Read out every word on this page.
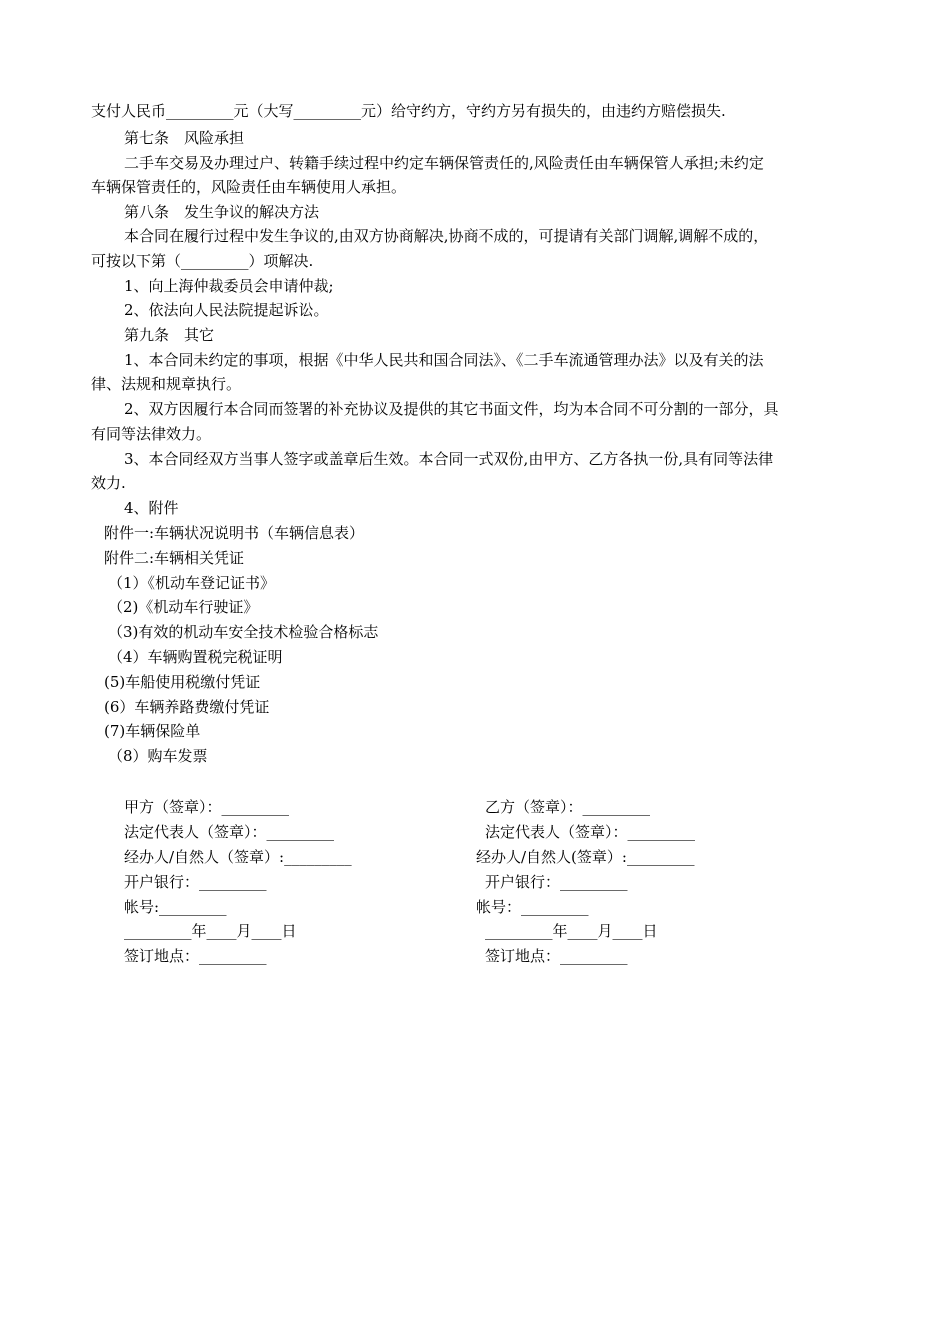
支付人民币_________元（大写_________元）给守约方，守约方另有损失的，由违约方赔偿损失.
第七条　风险承担
二手车交易及办理过户、转籍手续过程中约定车辆保管责任的,风险责任由车辆保管人承担;未约定
车辆保管责任的，风险责任由车辆使用人承担。
第八条　发生争议的解决方法
本合同在履行过程中发生争议的,由双方协商解决,协商不成的，可提请有关部门调解,调解不成的，
可按以下第（_________）项解决.
1、向上海仲裁委员会申请仲裁;
2、依法向人民法院提起诉讼。
第九条　其它
1、本合同未约定的事项，根据《中华人民共和国合同法》、《二手车流通管理办法》以及有关的法
律、法规和规章执行。
2、双方因履行本合同而签署的补充协议及提供的其它书面文件，均为本合同不可分割的一部分，具
有同等法律效力。
3、本合同经双方当事人签字或盖章后生效。本合同一式双份,由甲方、乙方各执一份,具有同等法律
效力.
4、附件
附件一:车辆状况说明书（车辆信息表）
附件二:车辆相关凭证
（1）《机动车登记证书》
（2)《机动车行驶证》
（3)有效的机动车安全技术检验合格标志
（4）车辆购置税完税证明
(5)车船使用税缴付凭证
(6）车辆养路费缴付凭证
(7)车辆保险单
（8）购车发票
甲方（签章）：_________
法定代表人（签章）：_________
经办人/自然人（签章）:_________
开户银行：_________
帐号:_________
_________年____月____日
签订地点：_________
乙方（签章）：_________
法定代表人（签章）：_________
经办人/自然人(签章）:_________
开户银行：_________
帐号：_________
_________年____月____日
签订地点：_________
